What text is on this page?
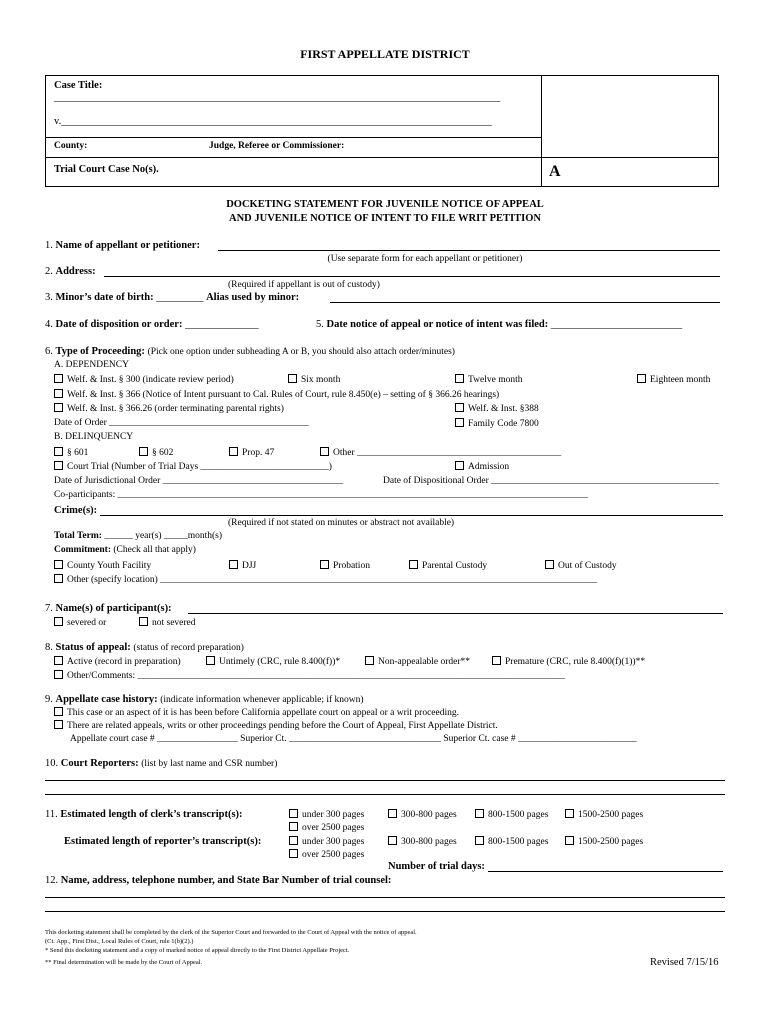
FIRST APPELLATE DISTRICT
Case Title:
_____________________________________________________________________________________
v.__________________________________________________________________________________
County:	Judge, Referee or Commissioner:
Trial Court Case No(s).	A
DOCKETING STATEMENT FOR JUVENILE NOTICE OF APPEAL
AND JUVENILE NOTICE OF INTENT TO FILE WRIT PETITION
1. Name of appellant or petitioner:
(Use separate form for each appellant or petitioner)
2. Address:
(Required if appellant is out of custody)
3. Minor’s date of birth: _________ Alias used by minor:
4. Date of disposition or order: ______________	5. Date notice of appeal or notice of intent was filed: _________________________
6. Type of Proceeding: (Pick one option under subheading A or B, you should also attach order/minutes)
A. DEPENDENCY
Welf. & Inst. § 300 (indicate review period)	Six month	Twelve month	Eighteen month
Welf. & Inst. § 366 (Notice of Intent pursuant to Cal. Rules of Court, rule 8.450(e) – setting of § 366.26 hearings)
Welf. & Inst. § 366.26 (order terminating parental rights)	Welf. & Inst. §388
Date of Order __________________________________________	Family Code 7800
B. DELINQUENCY
§ 601	§ 602	Prop. 47	Other ___________________________________________
Court Trial (Number of Trial Days ___________________________)	Admission
Date of Jurisdictional Order ______________________________________	Date of Dispositional Order ________________________________________________
Co-participants: ___________________________________________________________________________________________________
Crime(s):
(Required if not stated on minutes or abstract not available)
Total Term: ______ year(s) _____month(s)
Commitment: (Check all that apply)
County Youth Facility	DJJ	Probation	Parental Custody	Out of Custody
Other (specify location) ____________________________________________________________________________________________
7. Name(s) of participant(s):
severed or	not severed
8. Status of appeal: (status of record preparation)
Active (record in preparation)	Untimely (CRC, rule 8.400(f))*	Non-appealable order**	Premature (CRC, rule 8.400(f)(1))**
Other/Comments: __________________________________________________________________________________________
9. Appellate case history: (indicate information whenever applicable; if known)
This case or an aspect of it is has been before California appellate court on appeal or a writ proceeding.
There are related appeals, writs or other proceedings pending before the Court of Appeal, First Appellate District.
Appellate court case # _________________ Superior Ct. ________________________________ Superior Ct. case # _________________________
10. Court Reporters: (list by last name and CSR number)
11. Estimated length of clerk’s transcript(s):	under 300 pages	300-800 pages	800-1500 pages	1500-2500 pages
over 2500 pages
Estimated length of reporter’s transcript(s):	under 300 pages	300-800 pages	800-1500 pages	1500-2500 pages
over 2500 pages
Number of trial days:
12. Name, address, telephone number, and State Bar Number of trial counsel:
This docketing statement shall be completed by the clerk of the Superior Court and forwarded to the Court of Appeal with the notice of appeal.
(Ct. App., First Dist., Local Rules of Court, rule 1(b)(2).)
* Send this docketing statement and a copy of marked notice of appeal directly to the First District Appellate Project.
** Final determination will be made by the Court of Appeal.	Revised 7/15/16
